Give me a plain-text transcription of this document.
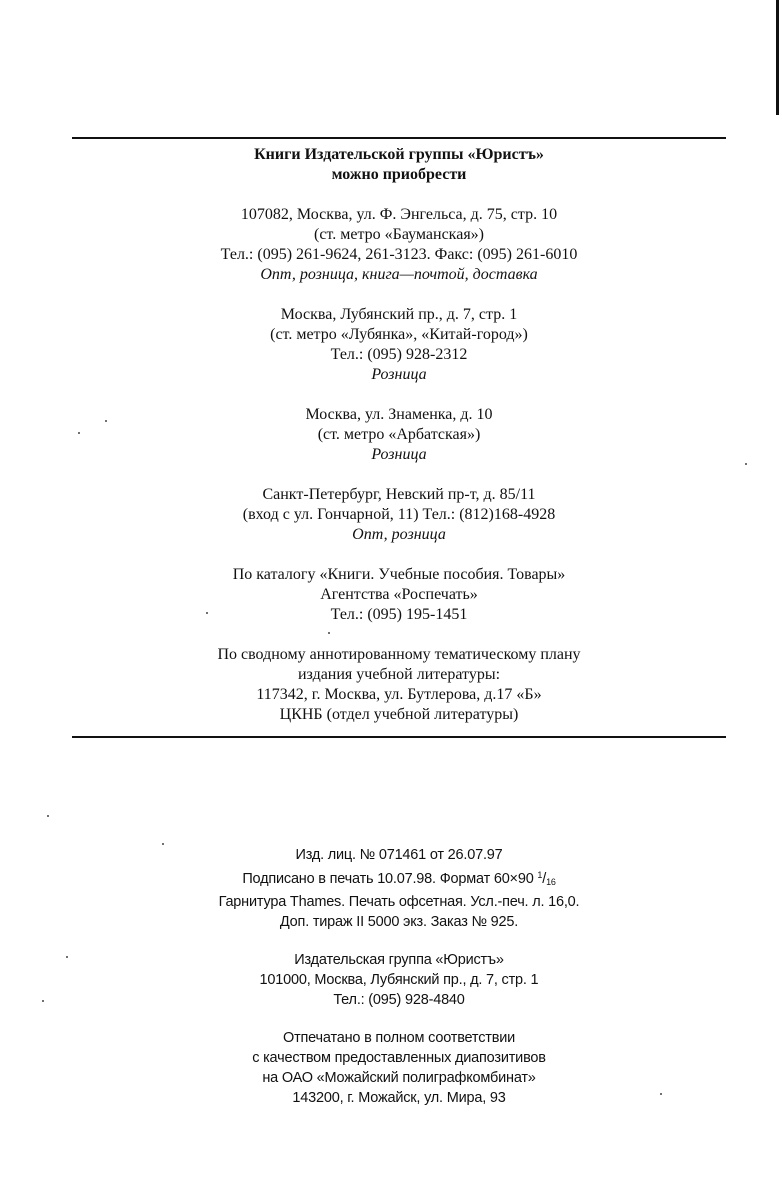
Книги Издательской группы «Юристъ»
можно приобрести
107082, Москва, ул. Ф. Энгельса, д. 75, стр. 10
(ст. метро «Бауманская»)
Тел.: (095) 261-9624, 261-3123. Факс: (095) 261-6010
Опт, розница, книга—почтой, доставка
Москва, Лубянский пр., д. 7, стр. 1
(ст. метро «Лубянка», «Китай-город»)
Тел.: (095) 928-2312
Розница
Москва, ул. Знаменка, д. 10
(ст. метро «Арбатская»)
Розница
Санкт-Петербург, Невский пр-т, д. 85/11
(вход с ул. Гончарной, 11) Тел.: (812)168-4928
Опт, розница
По каталогу «Книги. Учебные пособия. Товары»
Агентства «Роспечать»
Тел.: (095) 195-1451
По сводному аннотированному тематическому плану
издания учебной литературы:
117342, г. Москва, ул. Бутлерова, д.17 «Б»
ЦКНБ (отдел учебной литературы)
Изд. лиц. № 071461 от 26.07.97
Подписано в печать 10.07.98. Формат 60×90 $^1/_{16}$
Гарнитура Thames. Печать офсетная. Усл.-печ. л. 16,0.
Доп. тираж II 5000 экз. Заказ № 925.
Издательская группа «Юристъ»
101000, Москва, Лубянский пр., д. 7, стр. 1
Тел.: (095) 928-4840
Отпечатано в полном соответствии
с качеством предоставленных диапозитивов
на ОАО «Можайский полиграфкомбинат»
143200, г. Можайск, ул. Мира, 93
